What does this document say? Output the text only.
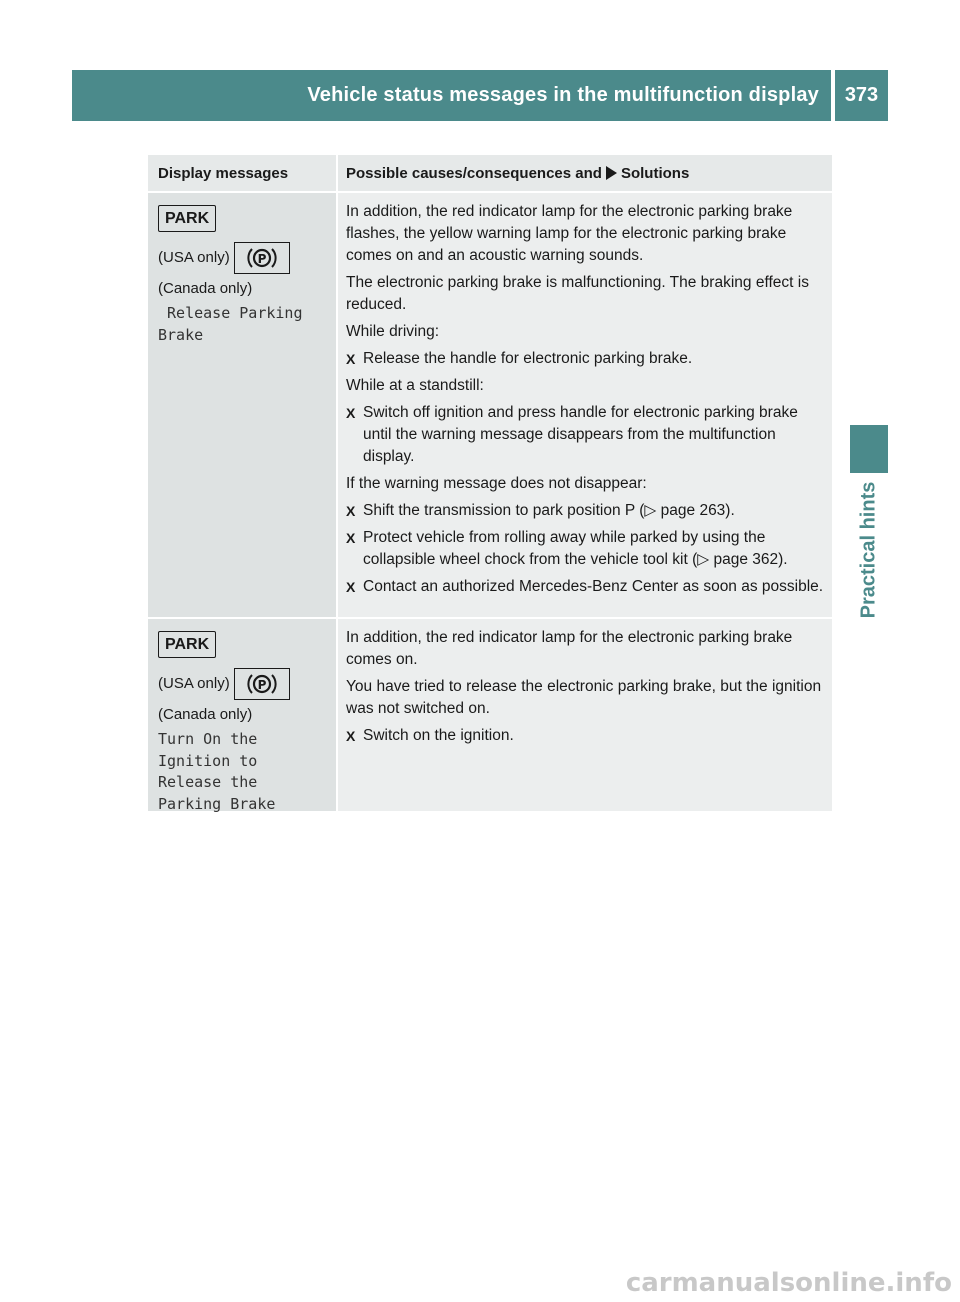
Vehicle status messages in the multifunction display	373
Practical hints
Display messages	Possible causes/consequences and Solutions
PARK
(USA only) P
(Canada only)
Release Parking
Brake
In addition, the red indicator lamp for the electronic parking brake flashes, the yellow warning lamp for the electronic parking brake comes on and an acoustic warning sounds.
The electronic parking brake is malfunctioning. The braking effect is reduced.
While driving:
X Release the handle for electronic parking brake.
While at a standstill:
X Switch off ignition and press handle for electronic parking brake until the warning message disappears from the multifunction display.
If the warning message does not disappear:
X Shift the transmission to park position P (▷ page 263).
X Protect vehicle from rolling away while parked by using the collapsible wheel chock from the vehicle tool kit (▷ page 362).
X Contact an authorized Mercedes-Benz Center as soon as possible.
PARK
(USA only) P
(Canada only)
Turn On the
Ignition to
Release the
Parking Brake
In addition, the red indicator lamp for the electronic parking brake comes on.
You have tried to release the electronic parking brake, but the ignition was not switched on.
X Switch on the ignition.
carmanualsonline.info
